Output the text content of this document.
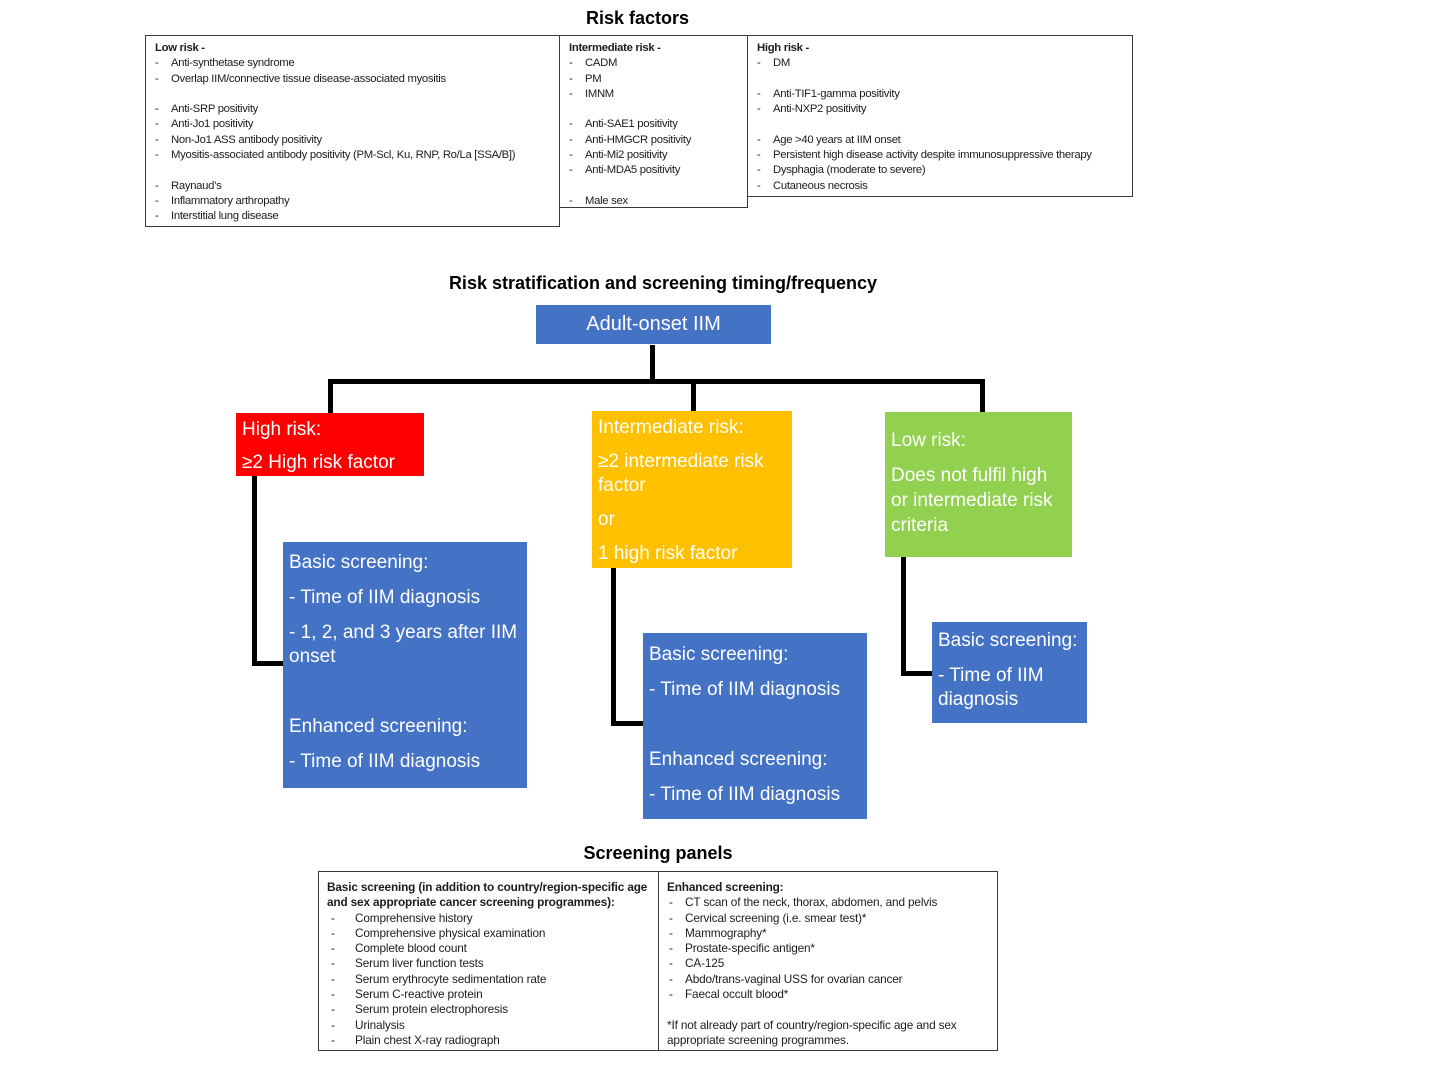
Risk factors
Low risk -
-	Anti-synthetase syndrome
-	Overlap IIM/connective tissue disease-associated myositis
-	Anti-SRP positivity
-	Anti-Jo1 positivity
-	Non-Jo1 ASS antibody positivity
-	Myositis-associated antibody positivity (PM-Scl, Ku, RNP, Ro/La [SSA/B])
-	Raynaud’s
-	Inflammatory arthropathy
-	Interstitial lung disease
Intermediate risk -
-	CADM
-	PM
-	IMNM
-	Anti-SAE1 positivity
-	Anti-HMGCR positivity
-	Anti-Mi2 positivity
-	Anti-MDA5 positivity
-	Male sex
High risk -
-	DM
-	Anti-TIF1-gamma positivity
-	Anti-NXP2 positivity
-	Age >40 years at IIM onset
-	Persistent high disease activity despite immunosuppressive therapy
-	Dysphagia (moderate to severe)
-	Cutaneous necrosis
Risk stratification and screening timing/frequency
Adult-onset IIM
High risk:
≥2 High risk factor
Intermediate risk:
≥2 intermediate risk factor
or
1 high risk factor
Low risk:
Does not fulfil high or intermediate risk criteria
Basic screening:
- Time of IIM diagnosis
- 1, 2, and 3 years after IIM onset

Enhanced screening:
- Time of IIM diagnosis
Basic screening:
- Time of IIM diagnosis

Enhanced screening:
- Time of IIM diagnosis
Basic screening:
- Time of IIM diagnosis
Screening panels
Basic screening (in addition to country/region-specific age and sex appropriate cancer screening programmes):
-	Comprehensive history
-	Comprehensive physical examination
-	Complete blood count
-	Serum liver function tests
-	Serum erythrocyte sedimentation rate
-	Serum C-reactive protein
-	Serum protein electrophoresis
-	Urinalysis
-	Plain chest X-ray radiograph
Enhanced screening:
-	CT scan of the neck, thorax, abdomen, and pelvis
-	Cervical screening (i.e. smear test)*
-	Mammography*
-	Prostate-specific antigen*
-	CA-125
-	Abdo/trans-vaginal USS for ovarian cancer
-	Faecal occult blood*
*If not already part of country/region-specific age and sex appropriate screening programmes.
